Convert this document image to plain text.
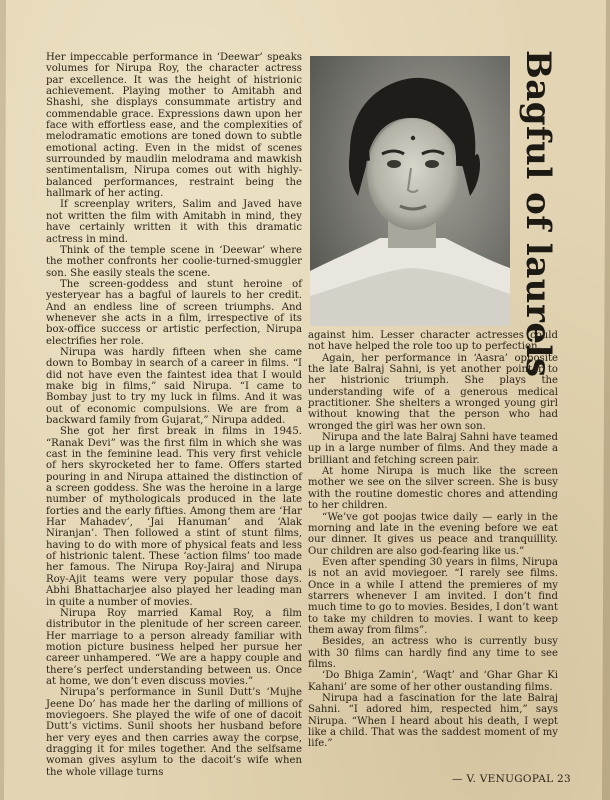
Her impeccable performance in ‘Deewar’ speaks volumes for Nirupa Roy, the character actress par excellence. It was the height of histrionic achievement. Playing mother to Amitabh and Shashi, she displays consummate artistry and commendable grace. Expressions dawn upon her face with effortless ease, and the complexities of melodramatic emotions are toned down to subtle emotional acting. Even in the midst of scenes surrounded by maudlin melodrama and mawkish sentimentalism, Nirupa comes out with highly-balanced performances, restraint being the hallmark of her acting.

If screenplay writers, Salim and Javed have not written the film with Amitabh in mind, they have certainly written it with this dramatic actress in mind.

Think of the temple scene in ‘Deewar’ where the mother confronts her coolie-turned-smuggler son. She easily steals the scene.

The screen-goddess and stunt heroine of yesteryear has a bagful of laurels to her credit. And an endless line of screen triumphs. And whenever she acts in a film, irrespective of its box-office success or artistic perfection, Nirupa electrifies her role.

Nirupa was hardly fifteen when she came down to Bombay in search of a career in films. “I did not have even the faintest idea that I would make big in films,” said Nirupa. “I came to Bombay just to try my luck in films. And it was out of economic compulsions. We are from a backward family from Gujarat,” Nirupa added.

She got her first break in films in 1945. “Ranak Devi” was the first film in which she was cast in the feminine lead. This very first vehicle of hers skyrocketed her to fame. Offers started pouring in and Nirupa attained the distinction of a screen goddess. She was the heroine in a large number of mythologicals produced in the late forties and the early fifties. Among them are ‘Har Har Mahadev’, ‘Jai Hanuman’ and ‘Alak Niranjan’. Then followed a stint of stunt films, having to do with more of physical feats and less of histrionic talent. These ‘action films’ too made her famous. The Nirupa Roy-Jairaj and Nirupa Roy-Ajit teams were very popular those days. Abhi Bhattacharjee also played her leading man in quite a number of movies.

Nirupa Roy married Kamal Roy, a film distributor in the plenitude of her screen career. Her marriage to a person already familiar with motion picture business helped her pursue her career unhampered. “We are a happy couple and there’s perfect understanding between us. Once at home, we don’t even discuss movies.”

Nirupa’s performance in Sunil Dutt’s ‘Mujhe Jeene Do’ has made her the darling of millions of moviegoers. She played the wife of one of dacoit Dutt’s victims. Sunil shoots her husband before her very eyes and then carries away the corpse, dragging it for miles together. And the selfsame woman gives asylum to the dacoit’s wife when the whole village turns

Bagful of laurels

against him. Lesser character actresses could not have helped the role too up to perfection.

Again, her performance in ‘Aasra’ opposite the late Balraj Sahni, is yet another pointer to her histrionic triumph. She plays the understanding wife of a generous medical practitioner. She shelters a wronged young girl without knowing that the person who had wronged the girl was her own son.

Nirupa and the late Balraj Sahni have teamed up in a large number of films. And they made a brilliant and fetching screen pair.

At home Nirupa is much like the screen mother we see on the silver screen. She is busy with the routine domestic chores and attending to her children.

“We’ve got poojas twice daily — early in the morning and late in the evening before we eat our dinner. It gives us peace and tranquillity. Our children are also god-fearing like us.”

Even after spending 30 years in films, Nirupa is not an avid moviegoer. “I rarely see films. Once in a while I attend the premieres of my starrers whenever I am invited. I don’t find much time to go to movies. Besides, I don’t want to take my children to movies. I want to keep them away from films”.

Besides, an actress who is currently busy with 30 films can hardly find any time to see films.

‘Do Bhiga Zamin’, ‘Waqt’ and ‘Ghar Ghar Ki Kahani’ are some of her other oustanding films.

Nirupa had a fascination for the late Balraj Sahni. “I adored him, respected him,” says Nirupa. “When I heard about his death, I wept like a child. That was the saddest moment of my life.”

— V. VENUGOPAL 23
